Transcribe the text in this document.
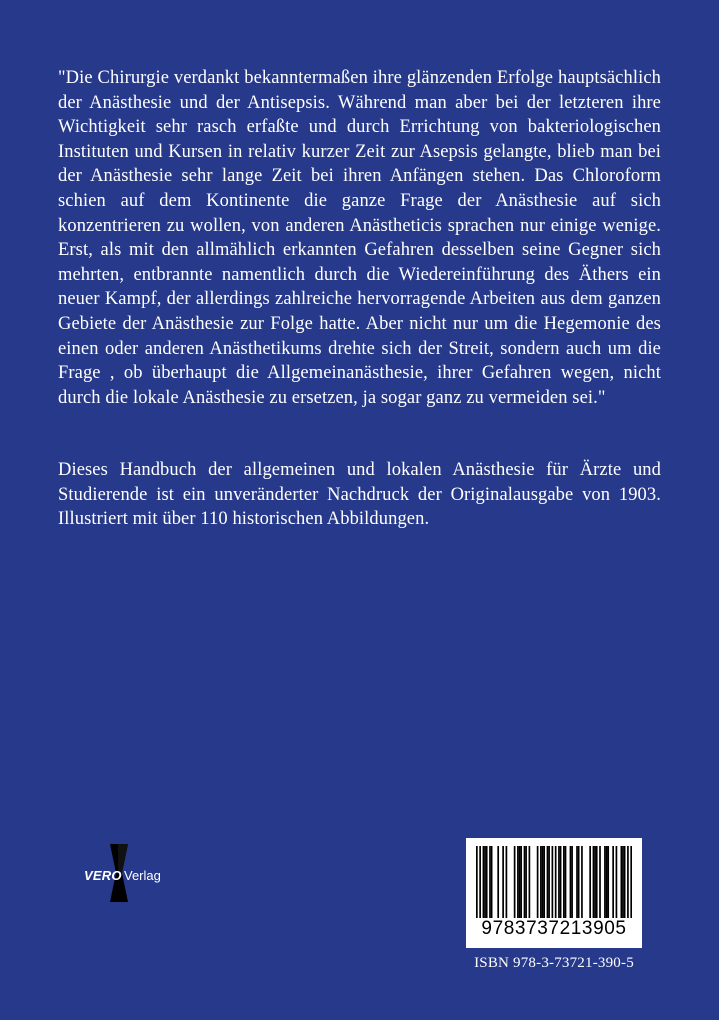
"Die Chirurgie verdankt bekanntermaßen ihre glänzenden Erfolge hauptsächlich der Anästhesie und der Antisepsis. Während man aber bei der letzteren ihre Wichtigkeit sehr rasch erfaßte und durch Errichtung von bakteriologischen Instituten und Kursen in relativ kurzer Zeit zur Asepsis gelangte, blieb man bei der Anästhesie sehr lange Zeit bei ihren Anfängen stehen. Das Chloroform schien auf dem Kontinente die ganze Frage der Anästhesie auf sich konzentrieren zu wollen, von anderen Anästheticis sprachen nur einige wenige. Erst, als mit den allmählich erkannten Gefahren desselben seine Gegner sich mehrten, entbrannte namentlich durch die Wiedereinführung des Äthers ein neuer Kampf, der allerdings zahlreiche hervorragende Arbeiten aus dem ganzen Gebiete der Anästhesie zur Folge hatte. Aber nicht nur um die Hegemonie des einen oder anderen Anästhetikums drehte sich der Streit, sondern auch um die Frage , ob überhaupt die Allgemeinanästhesie, ihrer Gefahren wegen, nicht durch die lokale Anästhesie zu ersetzen, ja sogar ganz zu vermeiden sei."

Dieses Handbuch der allgemeinen und lokalen Anästhesie für Ärzte und Studierende ist ein unveränderter Nachdruck der Originalausgabe von 1903. Illustriert mit über 110 historischen Abbildungen.

VERO Verlag
9783737213905
ISBN 978-3-73721-390-5
